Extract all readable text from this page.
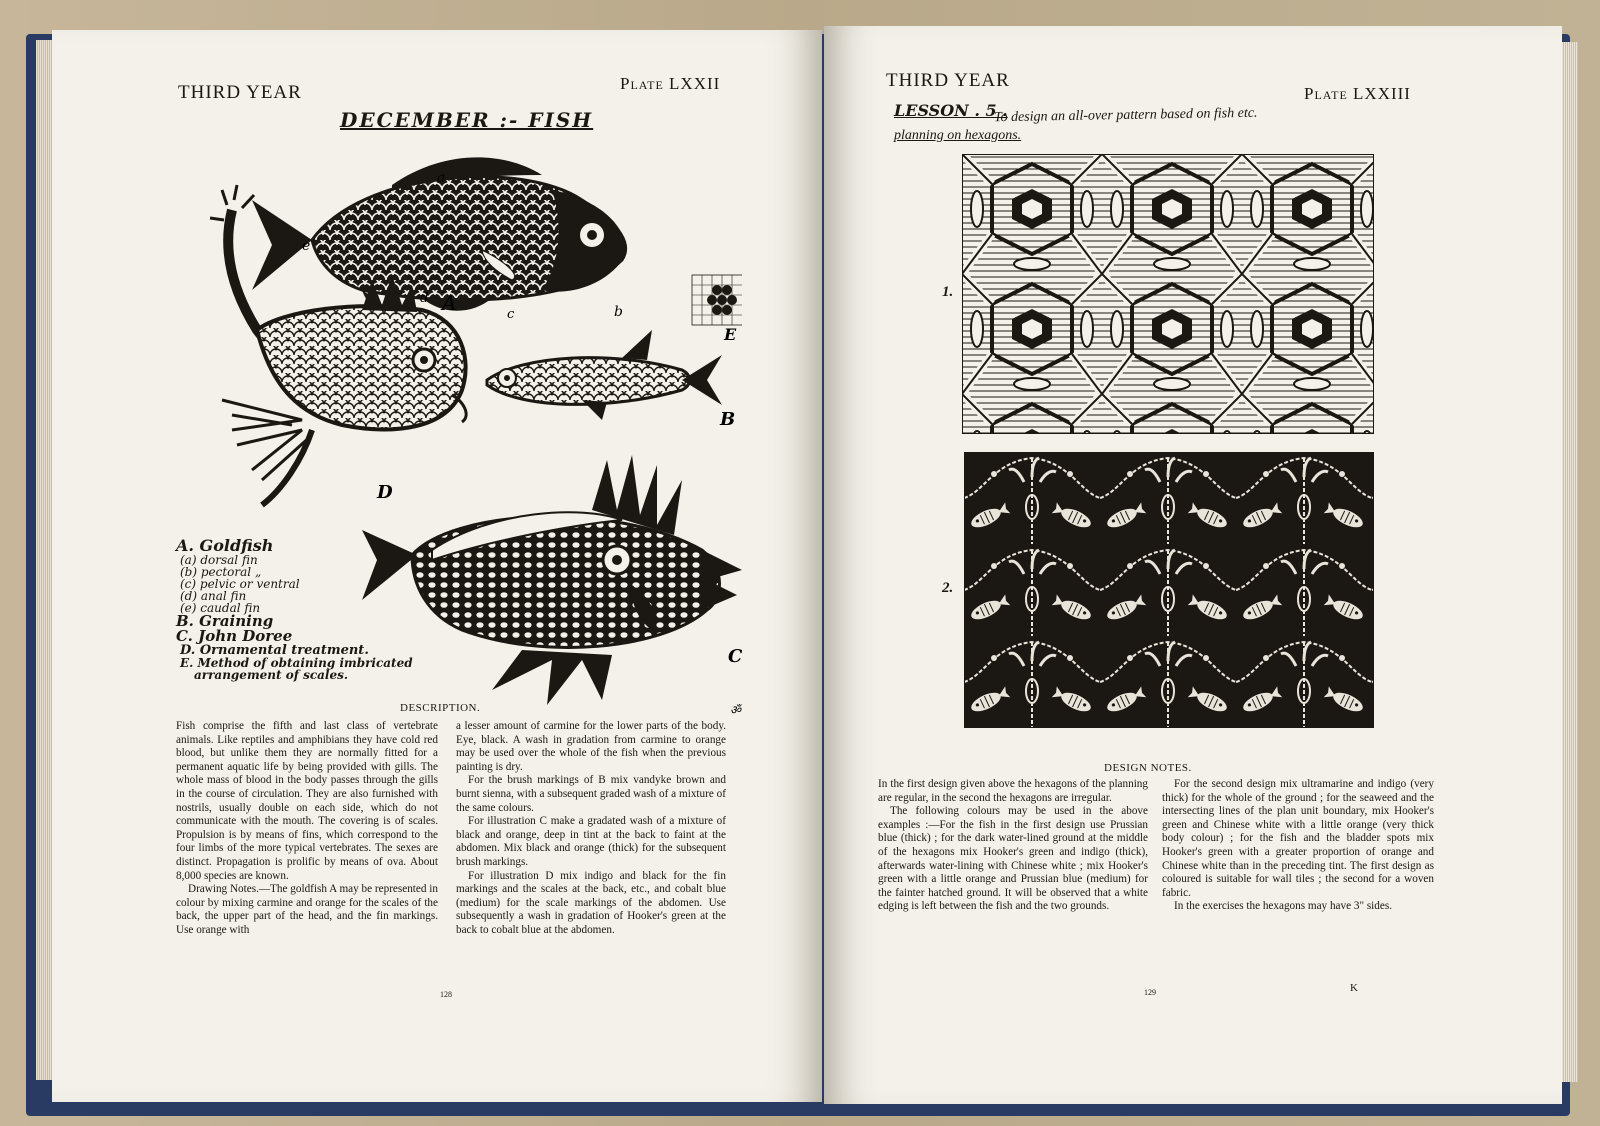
THIRD YEAR	Plate LXXII
DECEMBER :- FISH
a
e
d A	c	b
E
D
B
C
ॐ
A. Goldfish
(a) dorsal fin
(b) pectoral „
(c) pelvic or ventral
(d) anal fin
(e) caudal fin
B. Graining
C. John Doree
D. Ornamental treatment.
E. Method of obtaining imbricated
arrangement of scales.
DESCRIPTION.

Fish comprise the fifth and last class of vertebrate animals. Like reptiles and amphibians they have cold red blood, but unlike them they are normally fitted for a permanent aquatic life by being provided with gills. The whole mass of blood in the body passes through the gills in the course of circulation. They are also furnished with nostrils, usually double on each side, which do not communicate with the mouth. The covering is of scales. Propulsion is by means of fins, which correspond to the four limbs of the more typical vertebrates. The sexes are distinct. Propagation is prolific by means of ova. About 8,000 species are known.

Drawing Notes.—The goldfish A may be represented in colour by mixing carmine and orange for the scales of the back, the upper part of the head, and the fin markings. Use orange with

a lesser amount of carmine for the lower parts of the body. Eye, black. A wash in gradation from carmine to orange may be used over the whole of the fish when the previous painting is dry.

For the brush markings of B mix vandyke brown and burnt sienna, with a subsequent graded wash of a mixture of the same colours.

For illustration C make a gradated wash of a mixture of black and orange, deep in tint at the back to faint at the abdomen. Mix black and orange (thick) for the subsequent brush markings.

For illustration D mix indigo and black for the fin markings and the scales at the back, etc., and cobalt blue (medium) for the scale markings of the abdomen. Use subsequently a wash in gradation of Hooker's green at the back to cobalt blue at the abdomen.

128
THIRD YEAR
Plate LXXIII
LESSON . 5 .
To design an all-over pattern based on fish etc.
planning on hexagons.
1.
2.
DESIGN NOTES.

In the first design given above the hexagons of the planning are regular, in the second the hexagons are irregular.

The following colours may be used in the above examples :—For the fish in the first design use Prussian blue (thick) ; for the dark water-lined ground at the middle of the hexagons mix Hooker's green and indigo (thick), afterwards water-lining with Chinese white ; mix Hooker's green with a little orange and Prussian blue (medium) for the fainter hatched ground. It will be observed that a white edging is left between the fish and the two grounds.

For the second design mix ultramarine and indigo (very thick) for the whole of the ground ; for the seaweed and the intersecting lines of the plan unit boundary, mix Hooker's green and Chinese white with a little orange (very thick body colour) ; for the fish and the bladder spots mix Hooker's green with a greater proportion of orange and Chinese white than in the preceding tint. The first design as coloured is suitable for wall tiles ; the second for a woven fabric.

In the exercises the hexagons may have 3" sides.

129	K
